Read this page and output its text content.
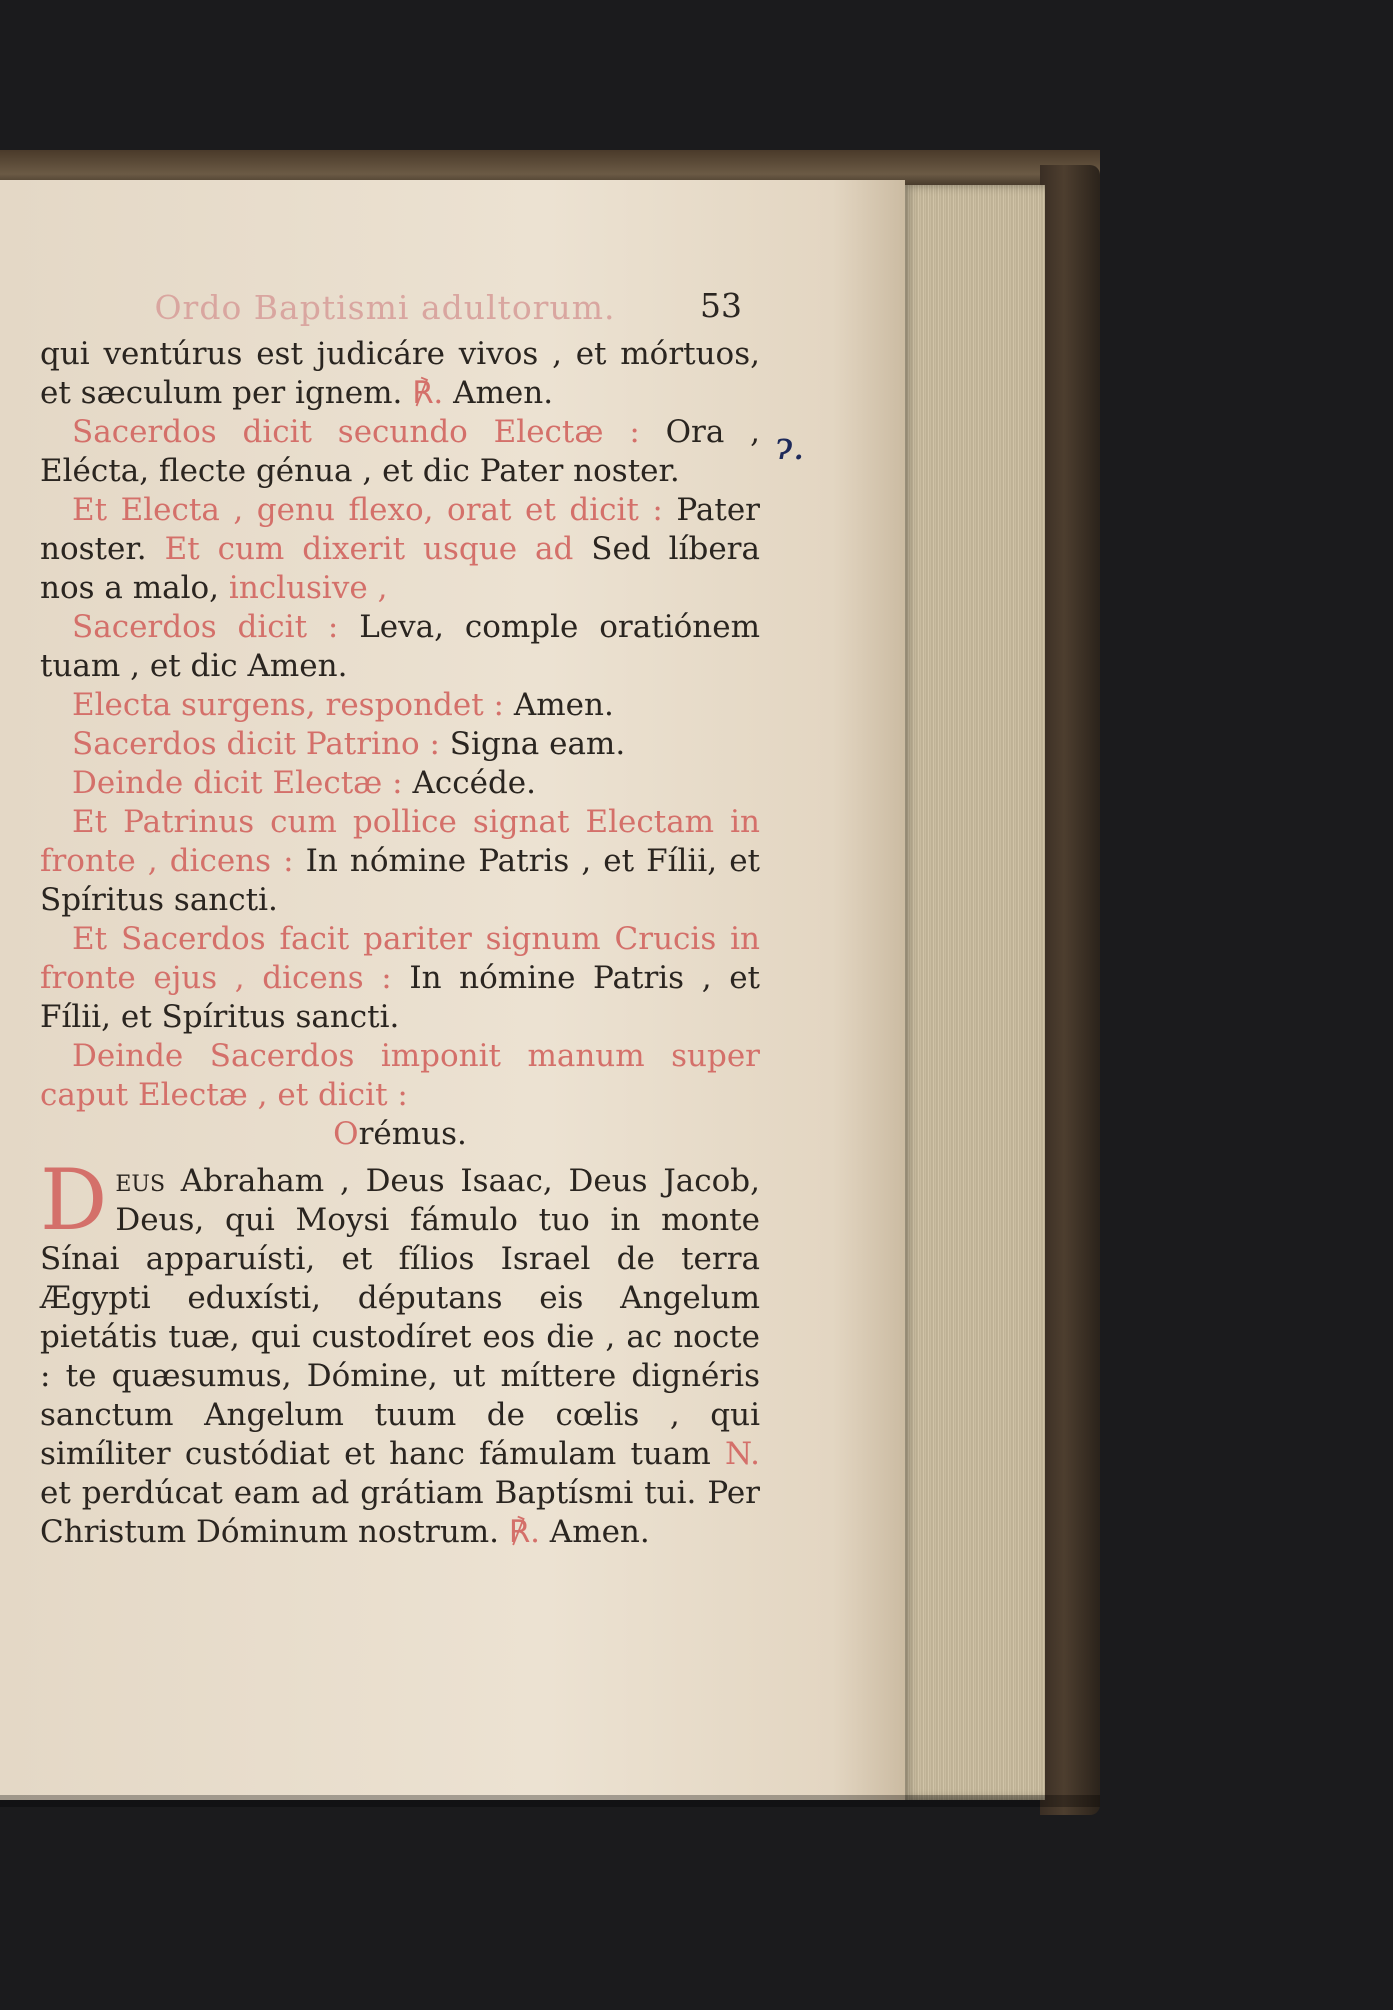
Ordo Baptismi adultorum.	53
ɂ.

qui ventúrus est judicáre vivos , et mórtuos, et sæculum per ignem. ℟. Amen.

Sacerdos dicit secundo Electæ : Ora , Elécta, flecte génua , et dic Pater noster.

Et Electa , genu flexo, orat et dicit : Pater noster. Et cum dixerit usque ad Sed líbera nos a malo, inclusive ,

Sacerdos dicit : Leva, comple oratiónem tuam , et dic Amen.

Electa surgens, respondet : Amen.

Sacerdos dicit Patrino : Signa eam.

Deinde dicit Electæ : Accéde.

Et Patrinus cum pollice signat Electam in fronte , dicens : In nómine Patris , et Fílii, et Spíritus sancti.

Et Sacerdos facit pariter signum Crucis in fronte ejus , dicens : In nómine Patris , et Fílii, et Spíritus sancti.

Deinde Sacerdos imponit manum super caput Electæ , et dicit :

Orémus.

Deus Abraham , Deus Isaac, Deus Jacob, Deus, qui Moysi fámulo tuo in monte Sínai apparuísti, et fílios Israel de terra Ægypti eduxísti, députans eis Angelum pietátis tuæ, qui custodíret eos die , ac nocte : te quæsumus, Dómine, ut míttere dignéris sanctum Angelum tuum de cœlis , qui simíliter custódiat et hanc fámulam tuam N. et perdúcat eam ad grátiam Baptísmi tui. Per Christum Dóminum nostrum. ℟. Amen.
